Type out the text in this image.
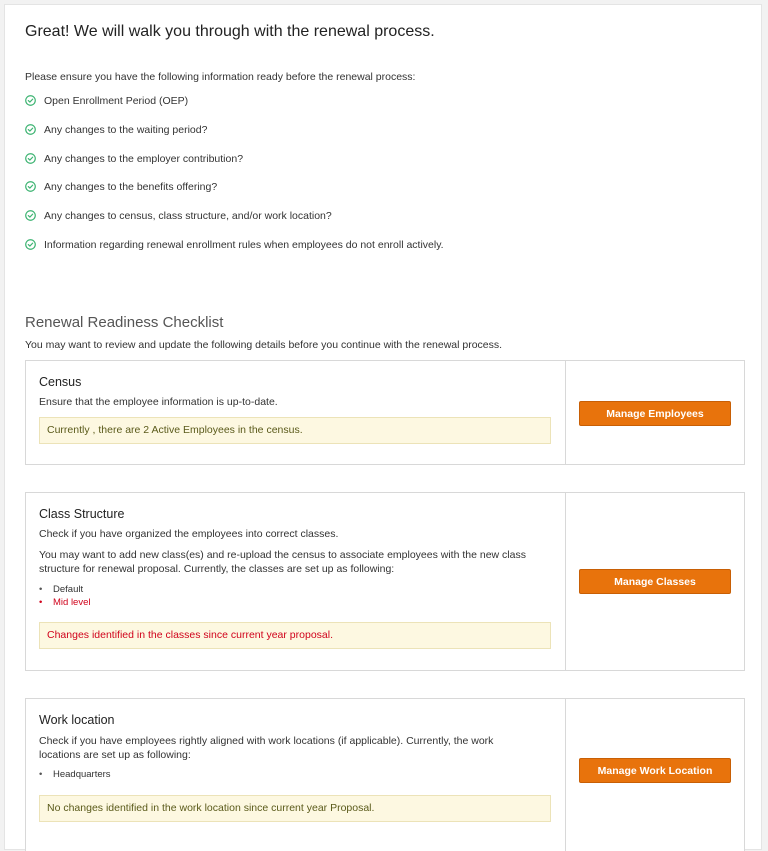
Great! We will walk you through with the renewal process.
Please ensure you have the following information ready before the renewal process:
Open Enrollment Period (OEP)
Any changes to the waiting period?
Any changes to the employer contribution?
Any changes to the benefits offering?
Any changes to census, class structure, and/or work location?
Information regarding renewal enrollment rules when employees do not enroll actively.
Renewal Readiness Checklist
You may want to review and update the following details before you continue with the renewal process.
Census
Ensure that the employee information is up-to-date.
Currently , there are 2 Active Employees in the census.
Manage Employees
Class Structure
Check if you have organized the employees into correct classes.
You may want to add new class(es) and re-upload the census to associate employees with the new class structure for renewal proposal. Currently, the classes are set up as following:
• Default
• Mid level
Changes identified in the classes since current year proposal.
Manage Classes
Work location
Check if you have employees rightly aligned with work locations (if applicable). Currently, the work locations are set up as following:
• Headquarters
No changes identified in the work location since current year Proposal.
Manage Work Location
